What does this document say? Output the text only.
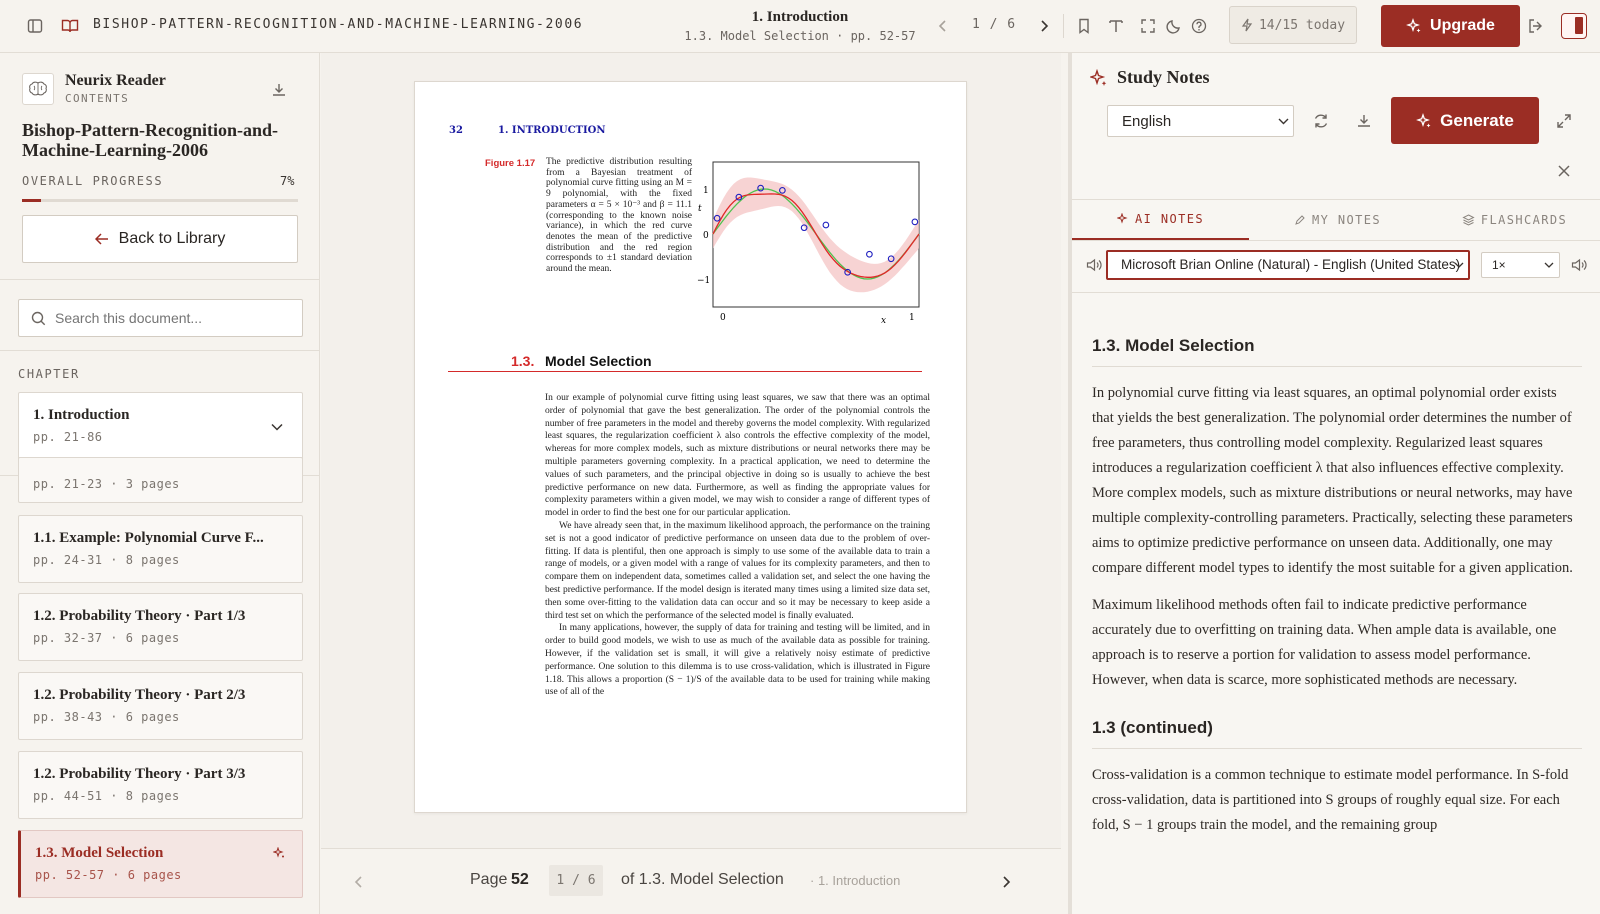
BISHOP-PATTERN-RECOGNITION-AND-MACHINE-LEARNING-2006	1. Introduction
1.3. Model Selection · pp. 52-57
1 / 6	14/15 today	Upgrade
Neurix Reader
CONTENTS
Bishop-Pattern-Recognition-and-Machine-Learning-2006
OVERALL PROGRESS	7%
Back to Library
Search this document...
CHAPTER
1. Introduction
pp. 21-86
pp. 21-23 · 3 pages
1.1. Example: Polynomial Curve F...
pp. 24-31 · 8 pages
1.2. Probability Theory · Part 1/3
pp. 32-37 · 6 pages
1.2. Probability Theory · Part 2/3
pp. 38-43 · 6 pages
1.2. Probability Theory · Part 3/3
pp. 44-51 · 8 pages
1.3. Model Selection
pp. 52-57 · 6 pages
32	1. INTRODUCTION
Figure 1.17 The predictive distribution resulting from a Bayesian treatment of polynomial curve fitting using an M = 9 polynomial, with the fixed parameters α = 5 × 10⁻³ and β = 11.1 (corresponding to the known noise variance), in which the red curve denotes the mean of the predictive distribution and the red region corresponds to ±1 standard deviation around the mean.
1
0
−1
t
0	1
x
1.3. Model Selection

In our example of polynomial curve fitting using least squares, we saw that there was an optimal order of polynomial that gave the best generalization. The order of the polynomial controls the number of free parameters in the model and thereby governs the model complexity. With regularized least squares, the regularization coefficient λ also controls the effective complexity of the model, whereas for more complex models, such as mixture distributions or neural networks there may be multiple parameters governing complexity. In a practical application, we need to determine the values of such parameters, and the principal objective in doing so is usually to achieve the best predictive performance on new data. Furthermore, as well as finding the appropriate values for complexity parameters within a given model, we may wish to consider a range of different types of model in order to find the best one for our particular application.

We have already seen that, in the maximum likelihood approach, the performance on the training set is not a good indicator of predictive performance on unseen data due to the problem of over-fitting. If data is plentiful, then one approach is simply to use some of the available data to train a range of models, or a given model with a range of values for its complexity parameters, and then to compare them on independent data, sometimes called a validation set, and select the one having the best predictive performance. If the model design is iterated many times using a limited size data set, then some over-fitting to the validation data can occur and so it may be necessary to keep aside a third test set on which the performance of the selected model is finally evaluated.

In many applications, however, the supply of data for training and testing will be limited, and in order to build good models, we wish to use as much of the available data as possible for training. However, if the validation set is small, it will give a relatively noisy estimate of predictive performance. One solution to this dilemma is to use cross-validation, which is illustrated in Figure 1.18. This allows a proportion (S − 1)/S of the available data to be used for training while making use of all of the

Page 52	1 / 6	of 1.3. Model Selection · 1. Introduction
Study Notes
English	Generate
AI NOTES	MY NOTES	FLASHCARDS
Microsoft Brian Online (Natural) - English (United States)	1×
1.3. Model Selection

In polynomial curve fitting via least squares, an optimal polynomial order exists that yields the best generalization. The polynomial order determines the number of free parameters, thus controlling model complexity. Regularized least squares introduces a regularization coefficient λ that also influences effective complexity. More complex models, such as mixture distributions or neural networks, may have multiple complexity-controlling parameters. Practically, selecting these parameters aims to optimize predictive performance on unseen data. Additionally, one may compare different model types to identify the most suitable for a given application.

Maximum likelihood methods often fail to indicate predictive performance accurately due to overfitting on training data. When ample data is available, one approach is to reserve a portion for validation to assess model performance. However, when data is scarce, more sophisticated methods are necessary.

1.3 (continued)

Cross-validation is a common technique to estimate model performance. In S-fold cross-validation, data is partitioned into S groups of roughly equal size. For each fold, S − 1 groups train the model, and the remaining group
